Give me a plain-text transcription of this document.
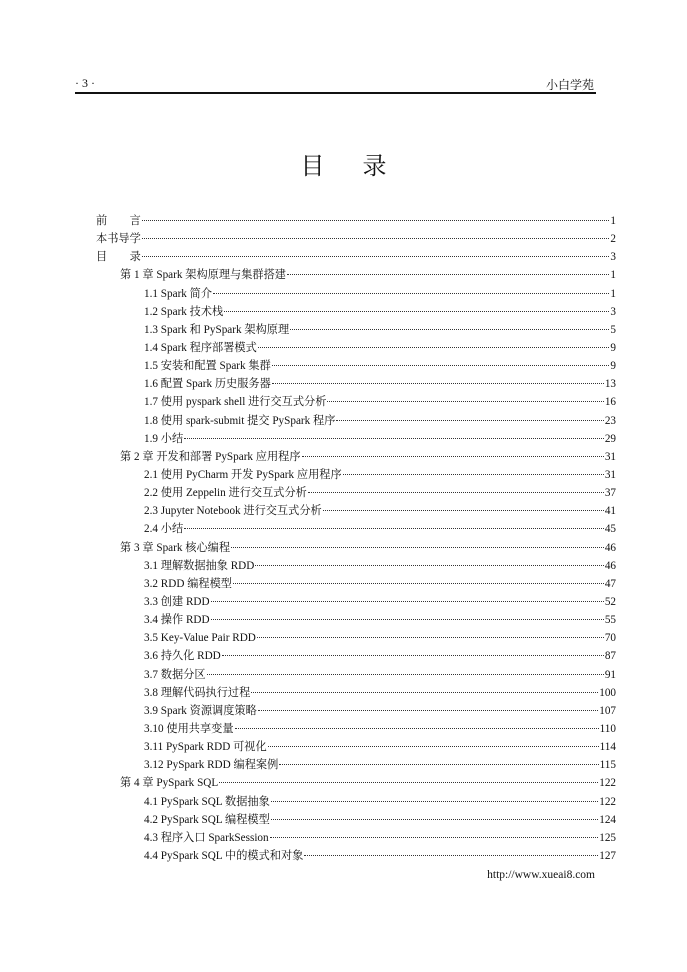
· 3 ·	小白学苑
目 录
前　　言	1
本书导学	2
目　　录	3
第 1 章 Spark 架构原理与集群搭建	1
1.1 Spark 简介	1
1.2 Spark 技术栈	3
1.3 Spark 和 PySpark 架构原理	5
1.4 Spark 程序部署模式	9
1.5 安装和配置 Spark 集群	9
1.6 配置 Spark 历史服务器	13
1.7 使用 pyspark shell 进行交互式分析	16
1.8 使用 spark-submit 提交 PySpark 程序	23
1.9 小结	29
第 2 章 开发和部署 PySpark 应用程序	31
2.1 使用 PyCharm 开发 PySpark 应用程序	31
2.2 使用 Zeppelin 进行交互式分析	37
2.3 Jupyter Notebook 进行交互式分析	41
2.4 小结	45
第 3 章 Spark 核心编程	46
3.1 理解数据抽象 RDD	46
3.2 RDD 编程模型	47
3.3 创建 RDD	52
3.4 操作 RDD	55
3.5 Key-Value Pair RDD	70
3.6 持久化 RDD	87
3.7 数据分区	91
3.8 理解代码执行过程	100
3.9 Spark 资源调度策略	107
3.10 使用共享变量	110
3.11 PySpark RDD 可视化	114
3.12 PySpark RDD 编程案例	115
第 4 章 PySpark SQL	122
4.1 PySpark SQL 数据抽象	122
4.2 PySpark SQL 编程模型	124
4.3 程序入口 SparkSession	125
4.4 PySpark SQL 中的模式和对象	127
http://www.xueai8.com
